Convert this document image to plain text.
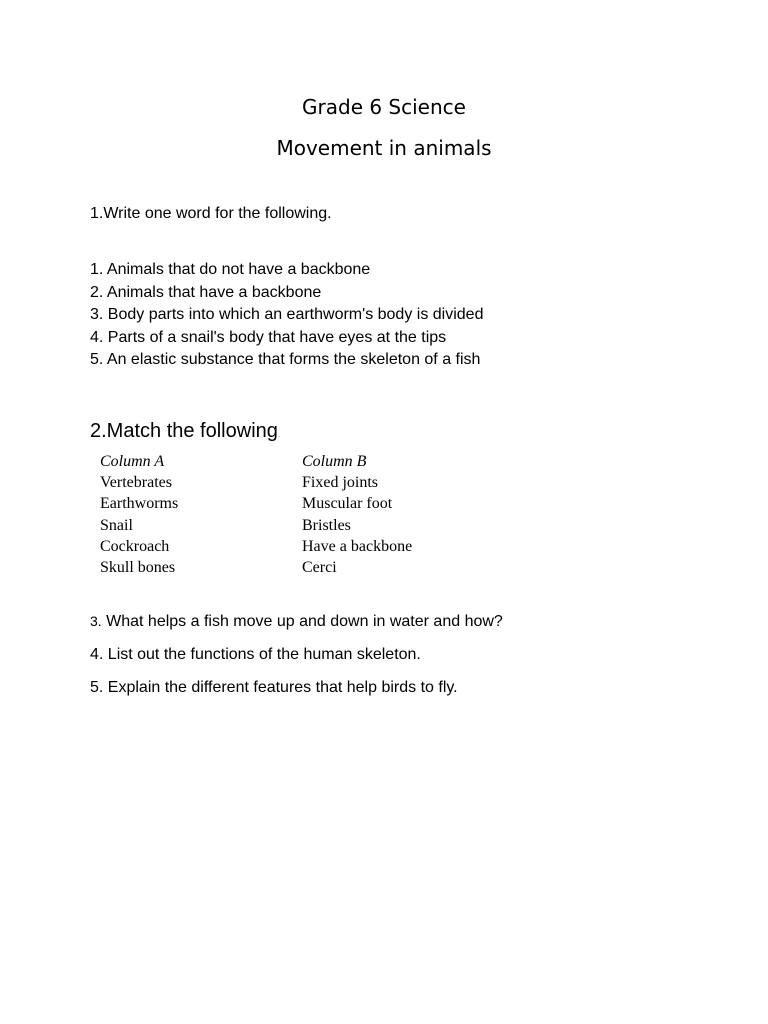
Grade 6 Science
Movement in animals
1.Write one word for the following.
1. Animals that do not have a backbone
2. Animals that have a backbone
3. Body parts into which an earthworm's body is divided
4. Parts of a snail's body that have eyes at the tips
5. An elastic substance that forms the skeleton of a fish
2.Match the following.
Column A	Column B
Vertebrates	Fixed joints
Earthworms	Muscular foot
Snail	Bristles
Cockroach	Have a backbone
Skull bones	Cerci
3. What helps a fish move up and down in water and how?
4. List out the functions of the human skeleton.
5. Explain the different features that help birds to fly.
